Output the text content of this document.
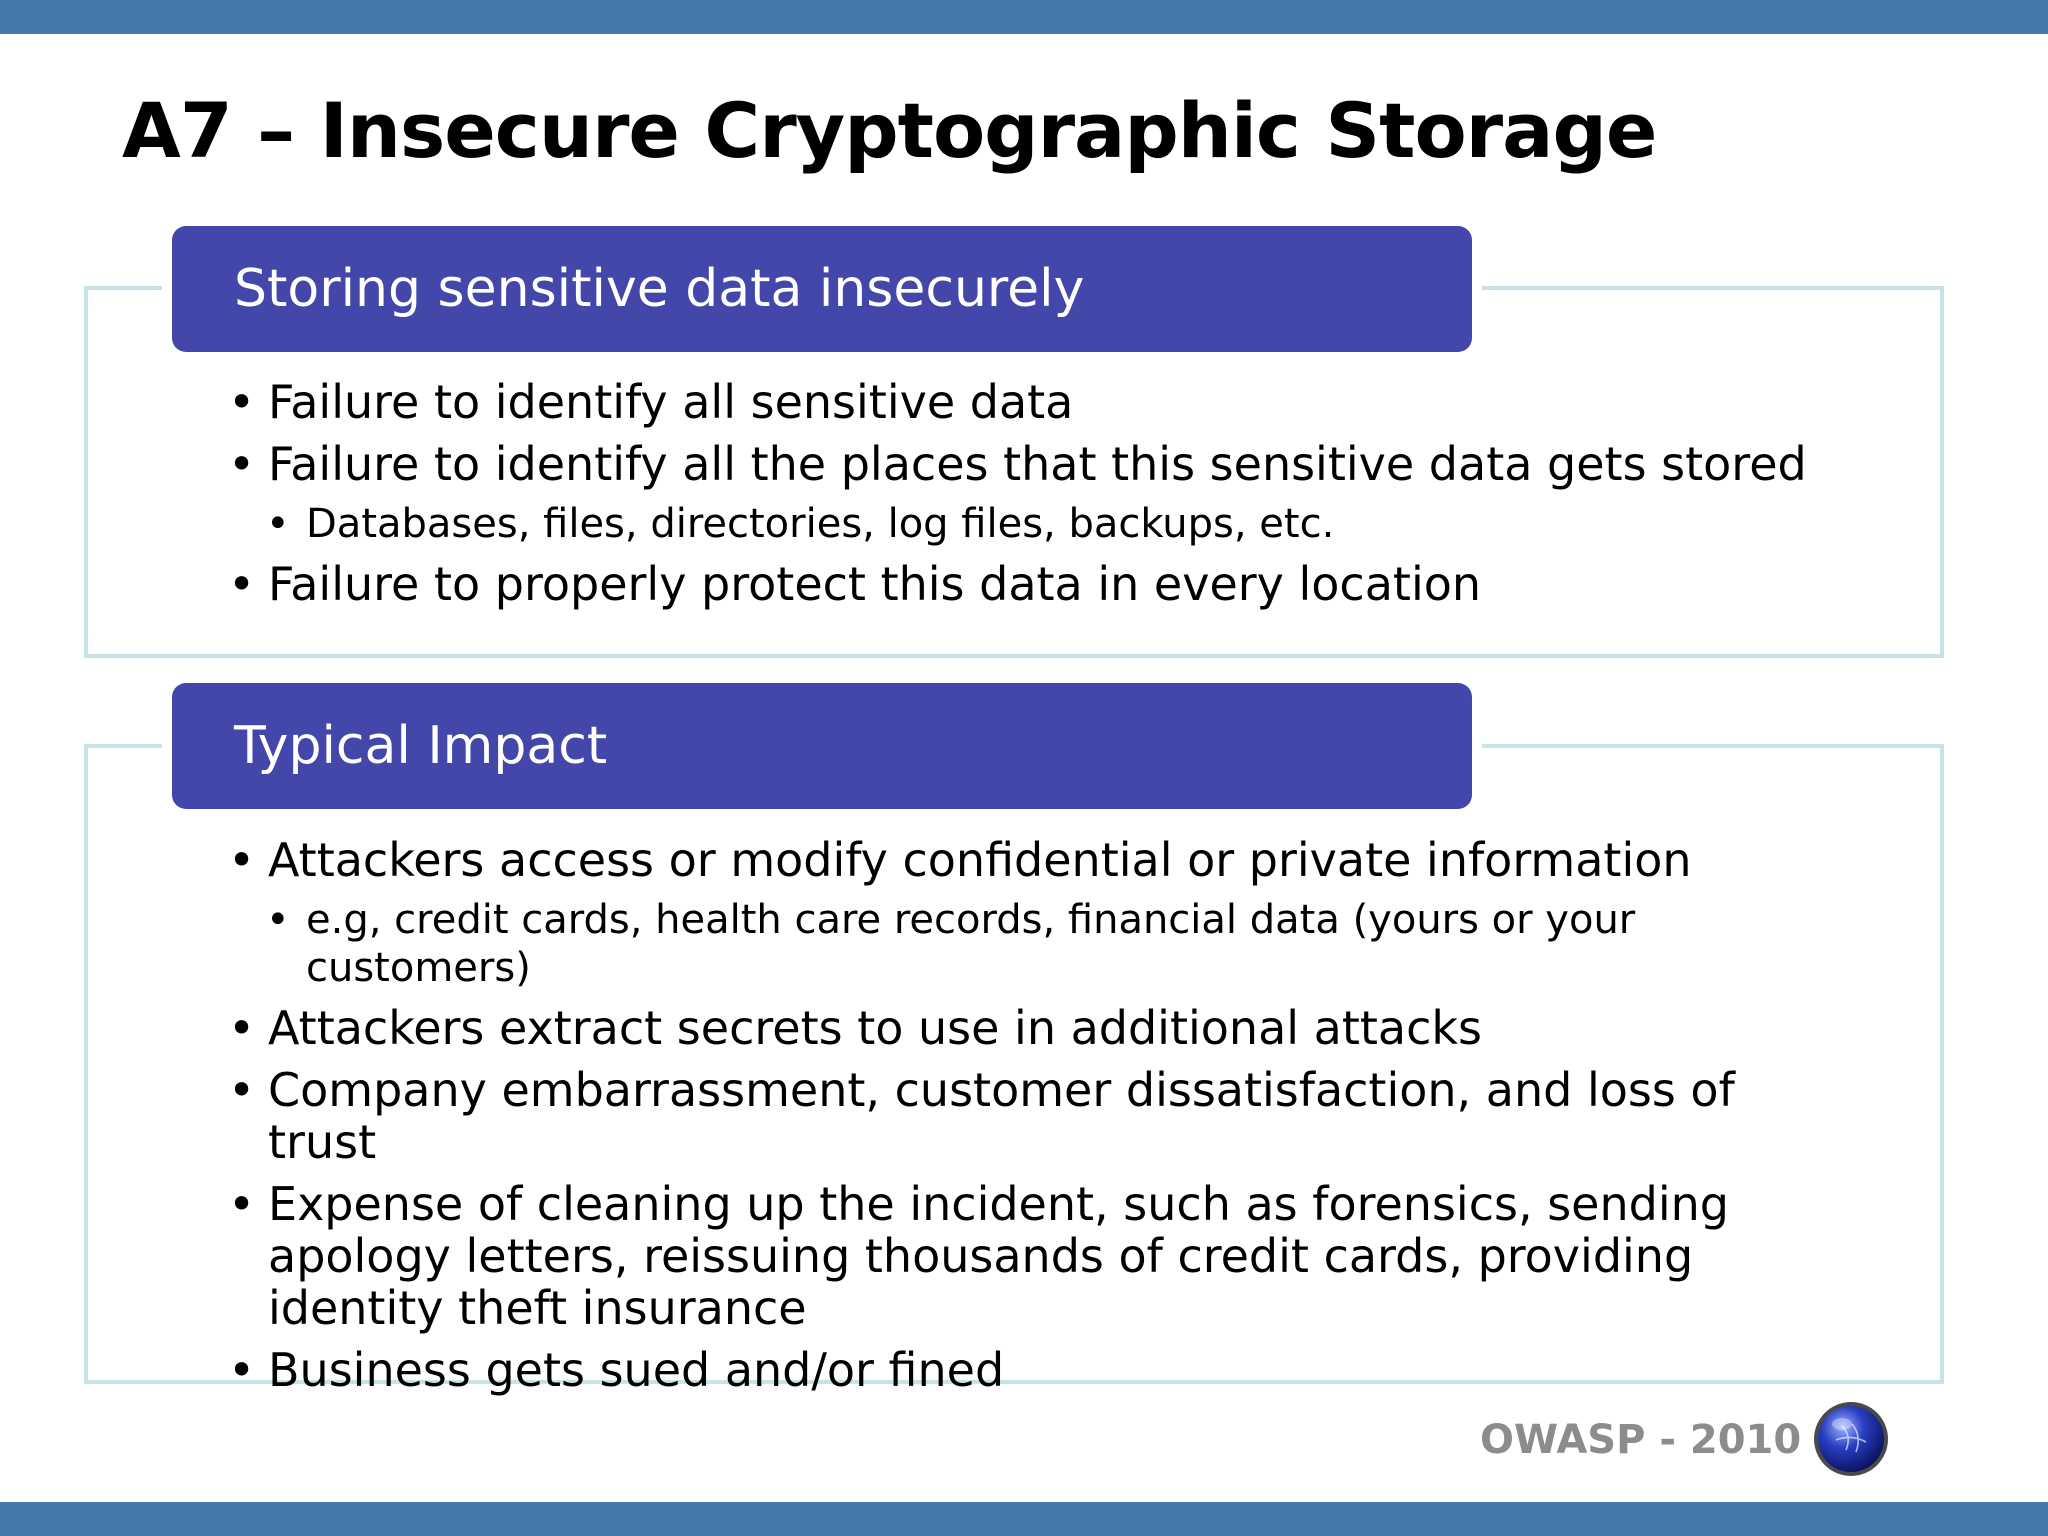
A7 – Insecure Cryptographic Storage
Storing sensitive data insecurely
• Failure to identify all sensitive data
• Failure to identify all the places that this sensitive data gets stored
• Databases, files, directories, log files, backups, etc.
• Failure to properly protect this data in every location
Typical Impact
• Attackers access or modify confidential or private information
• e.g, credit cards, health care records, financial data (yours or your customers)
• Attackers extract secrets to use in additional attacks
• Company embarrassment, customer dissatisfaction, and loss of trust
• Expense of cleaning up the incident, such as forensics, sending apology letters, reissuing thousands of credit cards, providing identity theft insurance
• Business gets sued and/or fined
OWASP - 2010
